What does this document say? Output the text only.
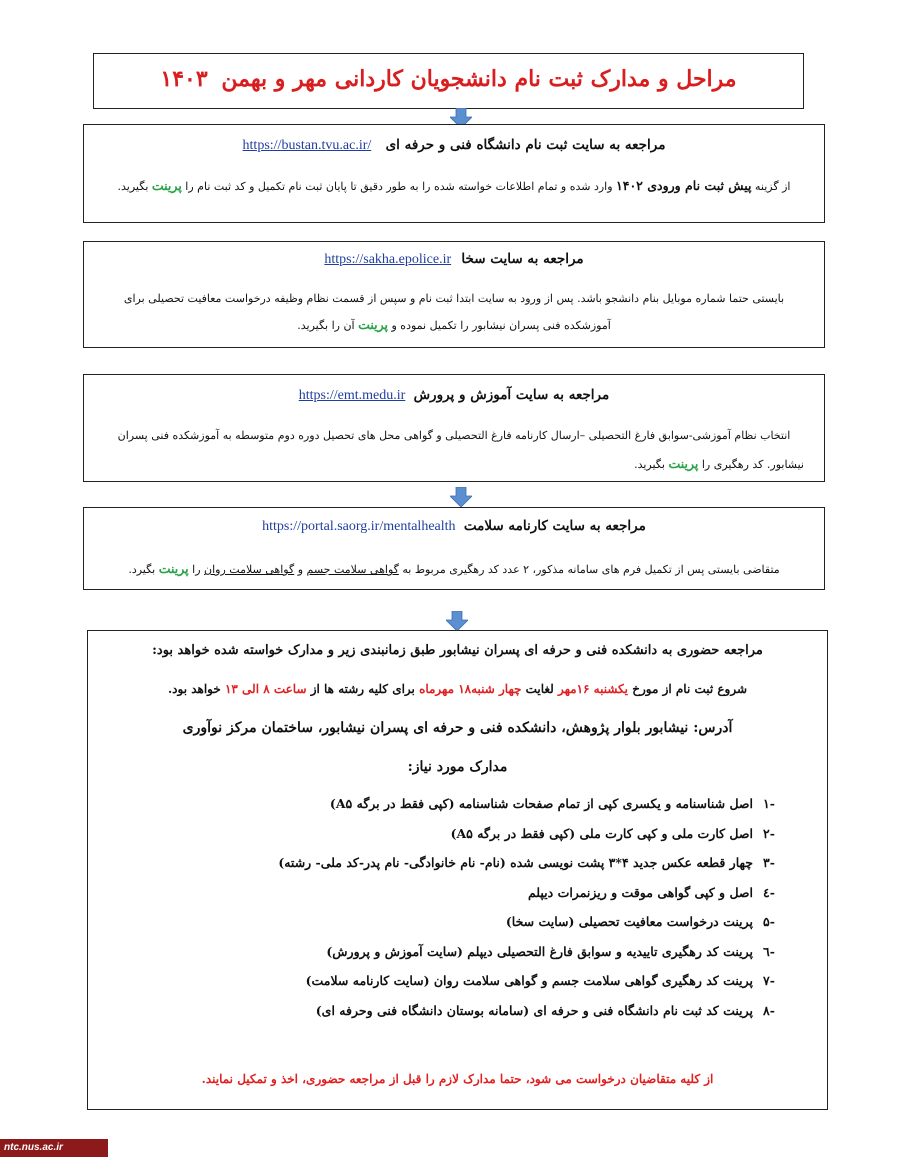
مراحل و مدارک ثبت نام دانشجویان کاردانی مهر و بهمن ۱۴۰۳
مراجعه به سایت ثبت نام دانشگاه فنی و حرفه ای https://bustan.tvu.ac.ir/
از گزینه پیش ثبت نام ورودی ۱۴۰۲ وارد شده و تمام اطلاعات خواسته شده را به طور دقیق تا پایان ثبت نام تکمیل و کد ثبت نام را پرینت بگیرید.
مراجعه به سایت سخا https://sakha.epolice.ir
بایستی حتما شماره موبایل بنام دانشجو باشد. پس از ورود به سایت ابتدا ثبت نام و سپس از قسمت نظام وظیفه درخواست معافیت تحصیلی برای
آموزشکده فنی پسران نیشابور را تکمیل نموده و پرینت آن را بگیرید.
مراجعه به سایت آموزش و پرورش https://emt.medu.ir
انتخاب نظام آموزشی-سوابق فارغ التحصیلی –ارسال کارنامه فارغ التحصیلی و گواهی محل های تحصیل دوره دوم متوسطه به آموزشکده فنی پسران
نیشابور. کد رهگیری را پرینت بگیرید.
مراجعه به سایت کارنامه سلامت https://portal.saorg.ir/mentalhealth
متقاضی بایستی پس از تکمیل فرم های سامانه مذکور، ۲ عدد کد رهگیری مربوط به گواهی سلامت جسم و گواهی سلامت روان را پرینت بگیرد.
مراجعه حضوری به دانشکده فنی و حرفه ای پسران نیشابور طبق زمانبندی زیر و مدارک خواسته شده خواهد بود:
شروع ثبت نام از مورخ یکشنبه ۱۶مهر لغایت چهار شنبه۱۸ مهرماه برای کلیه رشته ها از ساعت ۸ الی ۱۳ خواهد بود.
آدرس: نیشابور بلوار پژوهش، دانشکده فنی و حرفه ای پسران نیشابور، ساختمان مرکز نوآوری
مدارک مورد نیاز:
-۱اصل شناسنامه و یکسری کپی از تمام صفحات شناسنامه (کپی فقط در برگه A۵)
-۲اصل کارت ملی و کپی کارت ملی (کپی فقط در برگه A۵)
-۳چهار قطعه عکس جدید ۴*۳ پشت نویسی شده (نام- نام خانوادگی- نام پدر-کد ملی- رشته)
-٤اصل و کپی گواهی موقت و ریزنمرات دیپلم
-۵پرینت درخواست معافیت تحصیلی (سایت سخا)
-٦پرینت کد رهگیری تاییدیه و سوابق فارغ التحصیلی دیپلم (سایت آموزش و پرورش)
-۷پرینت کد رهگیری گواهی سلامت جسم و گواهی سلامت روان (سایت کارنامه سلامت)
-۸پرینت کد ثبت نام دانشگاه فنی و حرفه ای (سامانه بوستان دانشگاه فنی وحرفه ای)
از کلیه متقاضیان درخواست می شود، حتما مدارک لازم را قبل از مراجعه حضوری، اخذ و تمکیل نمایند.
ntc.nus.ac.ir
